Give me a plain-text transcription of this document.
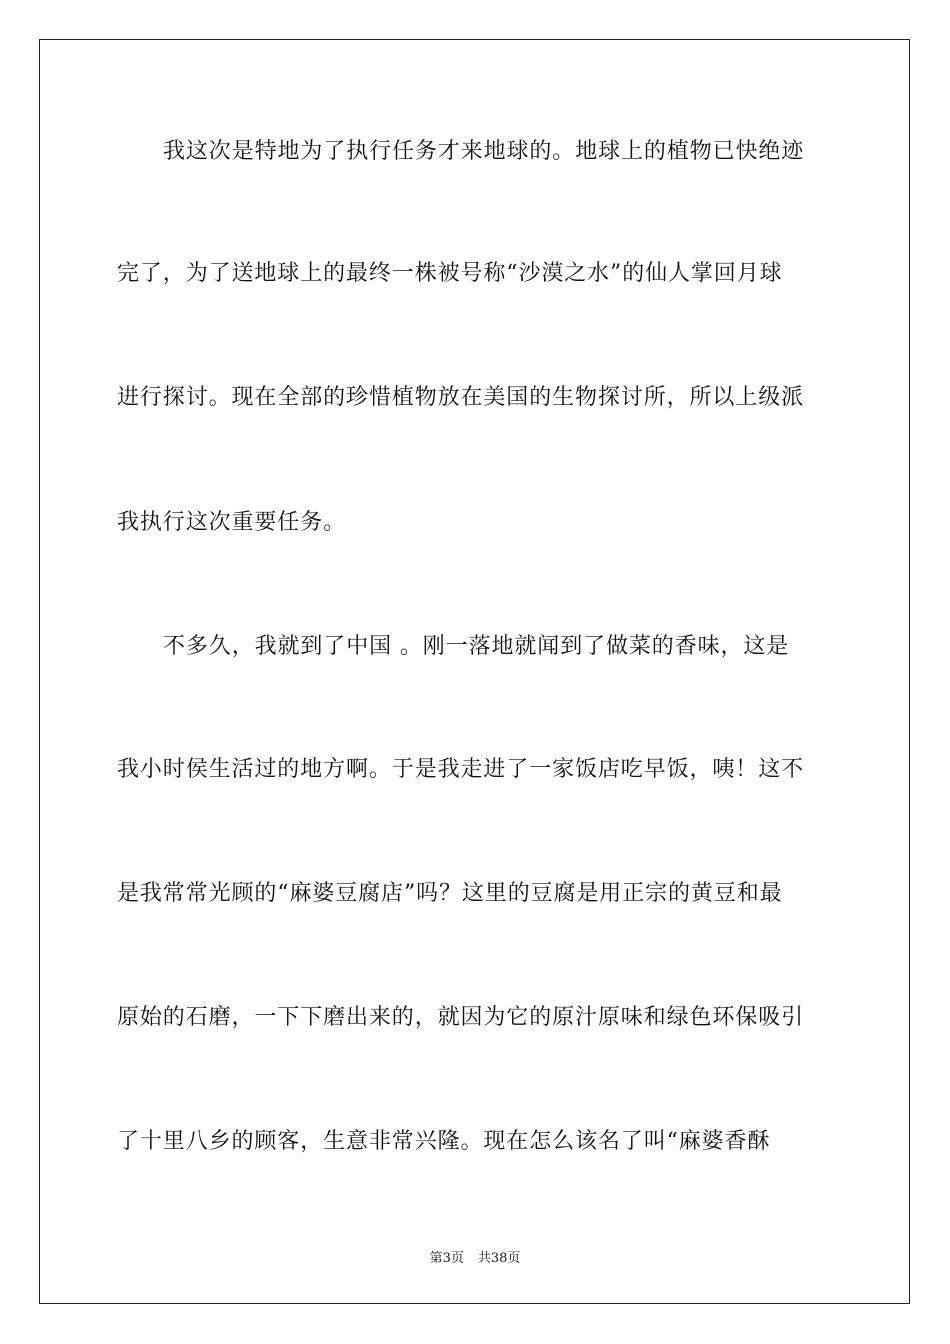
我这次是特地为了执行任务才来地球的。地球上的植物已快绝迹
完了，为了送地球上的最终一株被号称“沙漠之水”的仙人掌回月球
进行探讨。现在全部的珍惜植物放在美国的生物探讨所，所以上级派
我执行这次重要任务。
不多久，我就到了中国 。刚一落地就闻到了做菜的香味，这是
我小时侯生活过的地方啊。于是我走进了一家饭店吃早饭，咦！这不
是我常常光顾的“麻婆豆腐店”吗？这里的豆腐是用正宗的黄豆和最
原始的石磨，一下下磨出来的，就因为它的原汁原味和绿色环保吸引
了十里八乡的顾客，生意非常兴隆。现在怎么该名了叫“麻婆香酥
第3页 共38页
